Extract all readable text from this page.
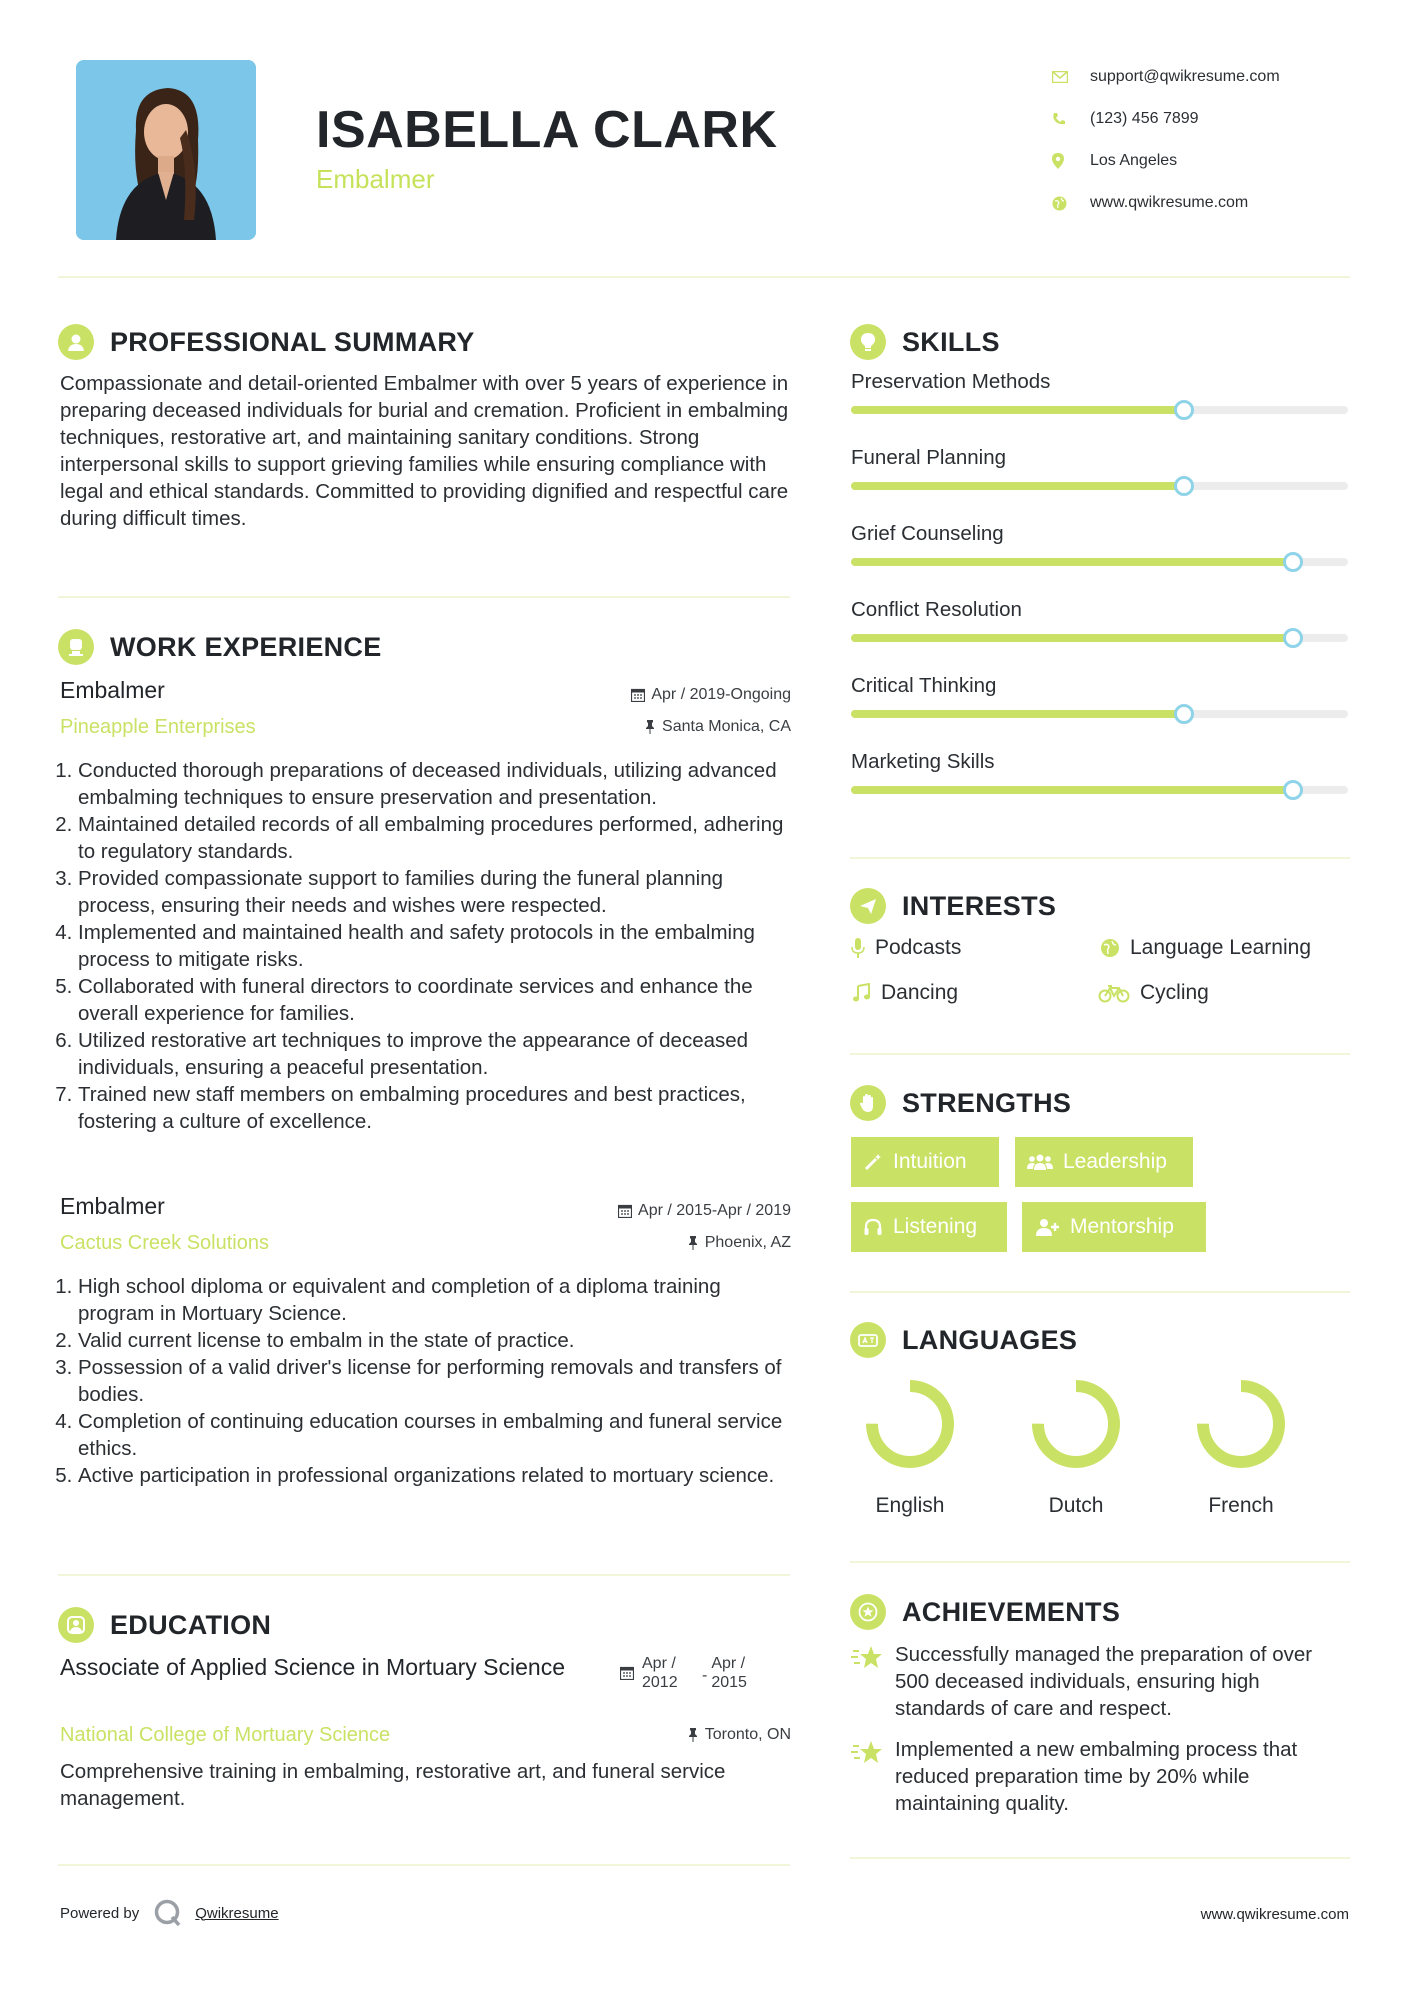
ISABELLA CLARK
Embalmer
support@qwikresume.com
(123) 456 7899
Los Angeles
www.qwikresume.com
PROFESSIONAL SUMMARY
Compassionate and detail-oriented Embalmer with over 5 years of experience in preparing deceased individuals for burial and cremation. Proficient in embalming techniques, restorative art, and maintaining sanitary conditions. Strong interpersonal skills to support grieving families while ensuring compliance with legal and ethical standards. Committed to providing dignified and respectful care during difficult times.
WORK EXPERIENCE
Embalmer	Apr / 2019-Ongoing
Pineapple Enterprises	Santa Monica, CA
1. Conducted thorough preparations of deceased individuals, utilizing advanced embalming techniques to ensure preservation and presentation.
2. Maintained detailed records of all embalming procedures performed, adhering to regulatory standards.
3. Provided compassionate support to families during the funeral planning process, ensuring their needs and wishes were respected.
4. Implemented and maintained health and safety protocols in the embalming process to mitigate risks.
5. Collaborated with funeral directors to coordinate services and enhance the overall experience for families.
6. Utilized restorative art techniques to improve the appearance of deceased individuals, ensuring a peaceful presentation.
7. Trained new staff members on embalming procedures and best practices, fostering a culture of excellence.
Embalmer	Apr / 2015-Apr / 2019
Cactus Creek Solutions	Phoenix, AZ
1. High school diploma or equivalent and completion of a diploma training program in Mortuary Science.
2. Valid current license to embalm in the state of practice.
3. Possession of a valid driver's license for performing removals and transfers of bodies.
4. Completion of continuing education courses in embalming and funeral service ethics.
5. Active participation in professional organizations related to mortuary science.
EDUCATION
Associate of Applied Science in Mortuary Science	Apr / 2012	-
Apr / 2015
National College of Mortuary Science	Toronto, ON
Comprehensive training in embalming, restorative art, and funeral service management.
SKILLS
Preservation Methods
Funeral Planning
Grief Counseling
Conflict Resolution
Critical Thinking
Marketing Skills
INTERESTS
Podcasts	Language Learning
Dancing	Cycling
STRENGTHS
Intuition	Leadership
Listening	Mentorship
LANGUAGES
English	Dutch	French
ACHIEVEMENTS
Successfully managed the preparation of over 500 deceased individuals, ensuring high standards of care and respect.
Implemented a new embalming process that reduced preparation time by 20% while maintaining quality.
Powered by	Qwikresume	www.qwikresume.com
